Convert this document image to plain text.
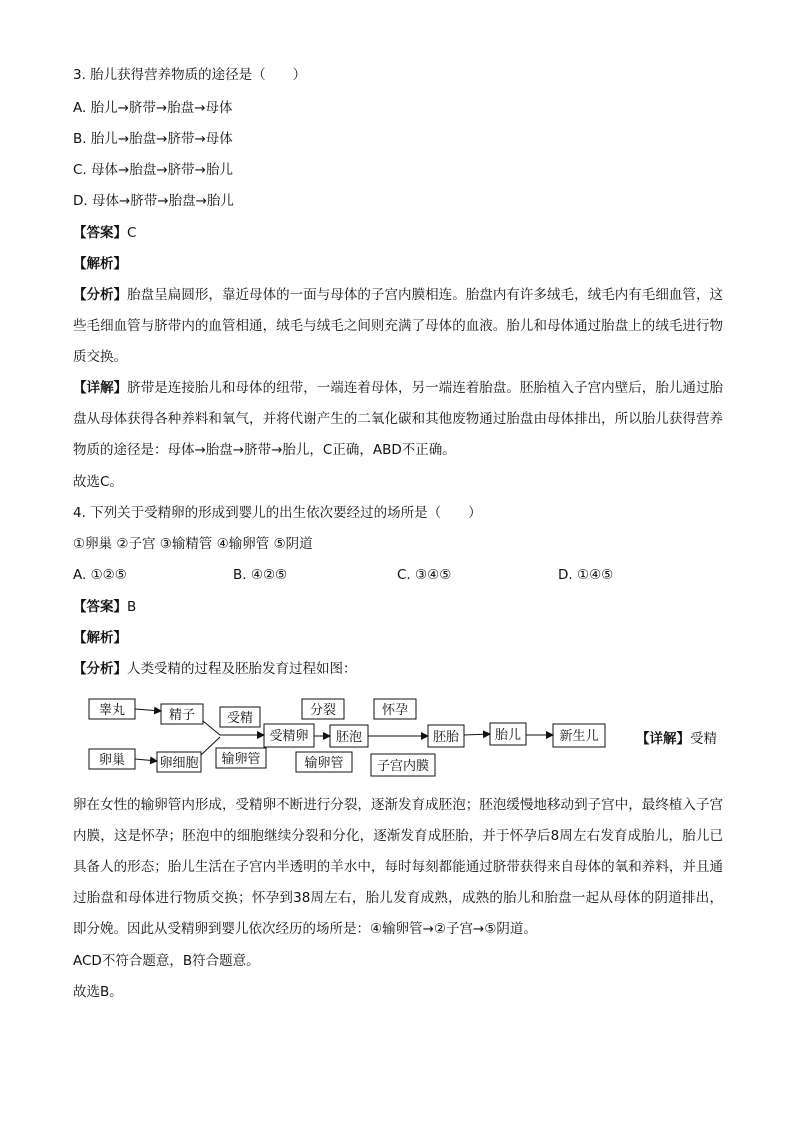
3. 胎儿获得营养物质的途径是（　　）
A. 胎儿→脐带→胎盘→母体
B. 胎儿→胎盘→脐带→母体
C. 母体→胎盘→脐带→胎儿
D. 母体→脐带→胎盘→胎儿
【答案】C
【解析】
【分析】胎盘呈扁圆形，靠近母体的一面与母体的子宫内膜相连。胎盘内有许多绒毛，绒毛内有毛细血管，这些毛细血管与脐带内的血管相通，绒毛与绒毛之间则充满了母体的血液。胎儿和母体通过胎盘上的绒毛进行物质交换。
【详解】脐带是连接胎儿和母体的纽带，一端连着母体，另一端连着胎盘。胚胎植入子宫内壁后，胎儿通过胎盘从母体获得各种养料和氧气，并将代谢产生的二氧化碳和其他废物通过胎盘由母体排出，所以胎儿获得营养物质的途径是：母体→胎盘→脐带→胎儿，C正确，ABD不正确。
故选C。
4. 下列关于受精卵的形成到婴儿的出生依次要经过的场所是（　　）
①卵巢 ②子宫 ③输精管 ④输卵管 ⑤阴道
A. ①②⑤	B. ④②⑤	C. ③④⑤	D. ①④⑤
【答案】B
【解析】
【分析】人类受精的过程及胚胎发育过程如图：
睾丸	精子
卵巢	卵细胞
受精
输卵管
受精卵
分裂
胚泡
输卵管
怀孕
子宫内膜
胚胎	胎儿	新生儿	【详解】受精
卵在女性的输卵管内形成，受精卵不断进行分裂，逐渐发育成胚泡；胚泡缓慢地移动到子宫中，最终植入子宫内膜，这是怀孕；胚泡中的细胞继续分裂和分化，逐渐发育成胚胎，并于怀孕后8周左右发育成胎儿，胎儿已具备人的形态；胎儿生活在子宫内半透明的羊水中，每时每刻都能通过脐带获得来自母体的氧和养料，并且通过胎盘和母体进行物质交换；怀孕到38周左右，胎儿发育成熟，成熟的胎儿和胎盘一起从母体的阴道排出，即分娩。因此从受精卵到婴儿依次经历的场所是：④输卵管→②子宫→⑤阴道。
ACD不符合题意，B符合题意。
故选B。
